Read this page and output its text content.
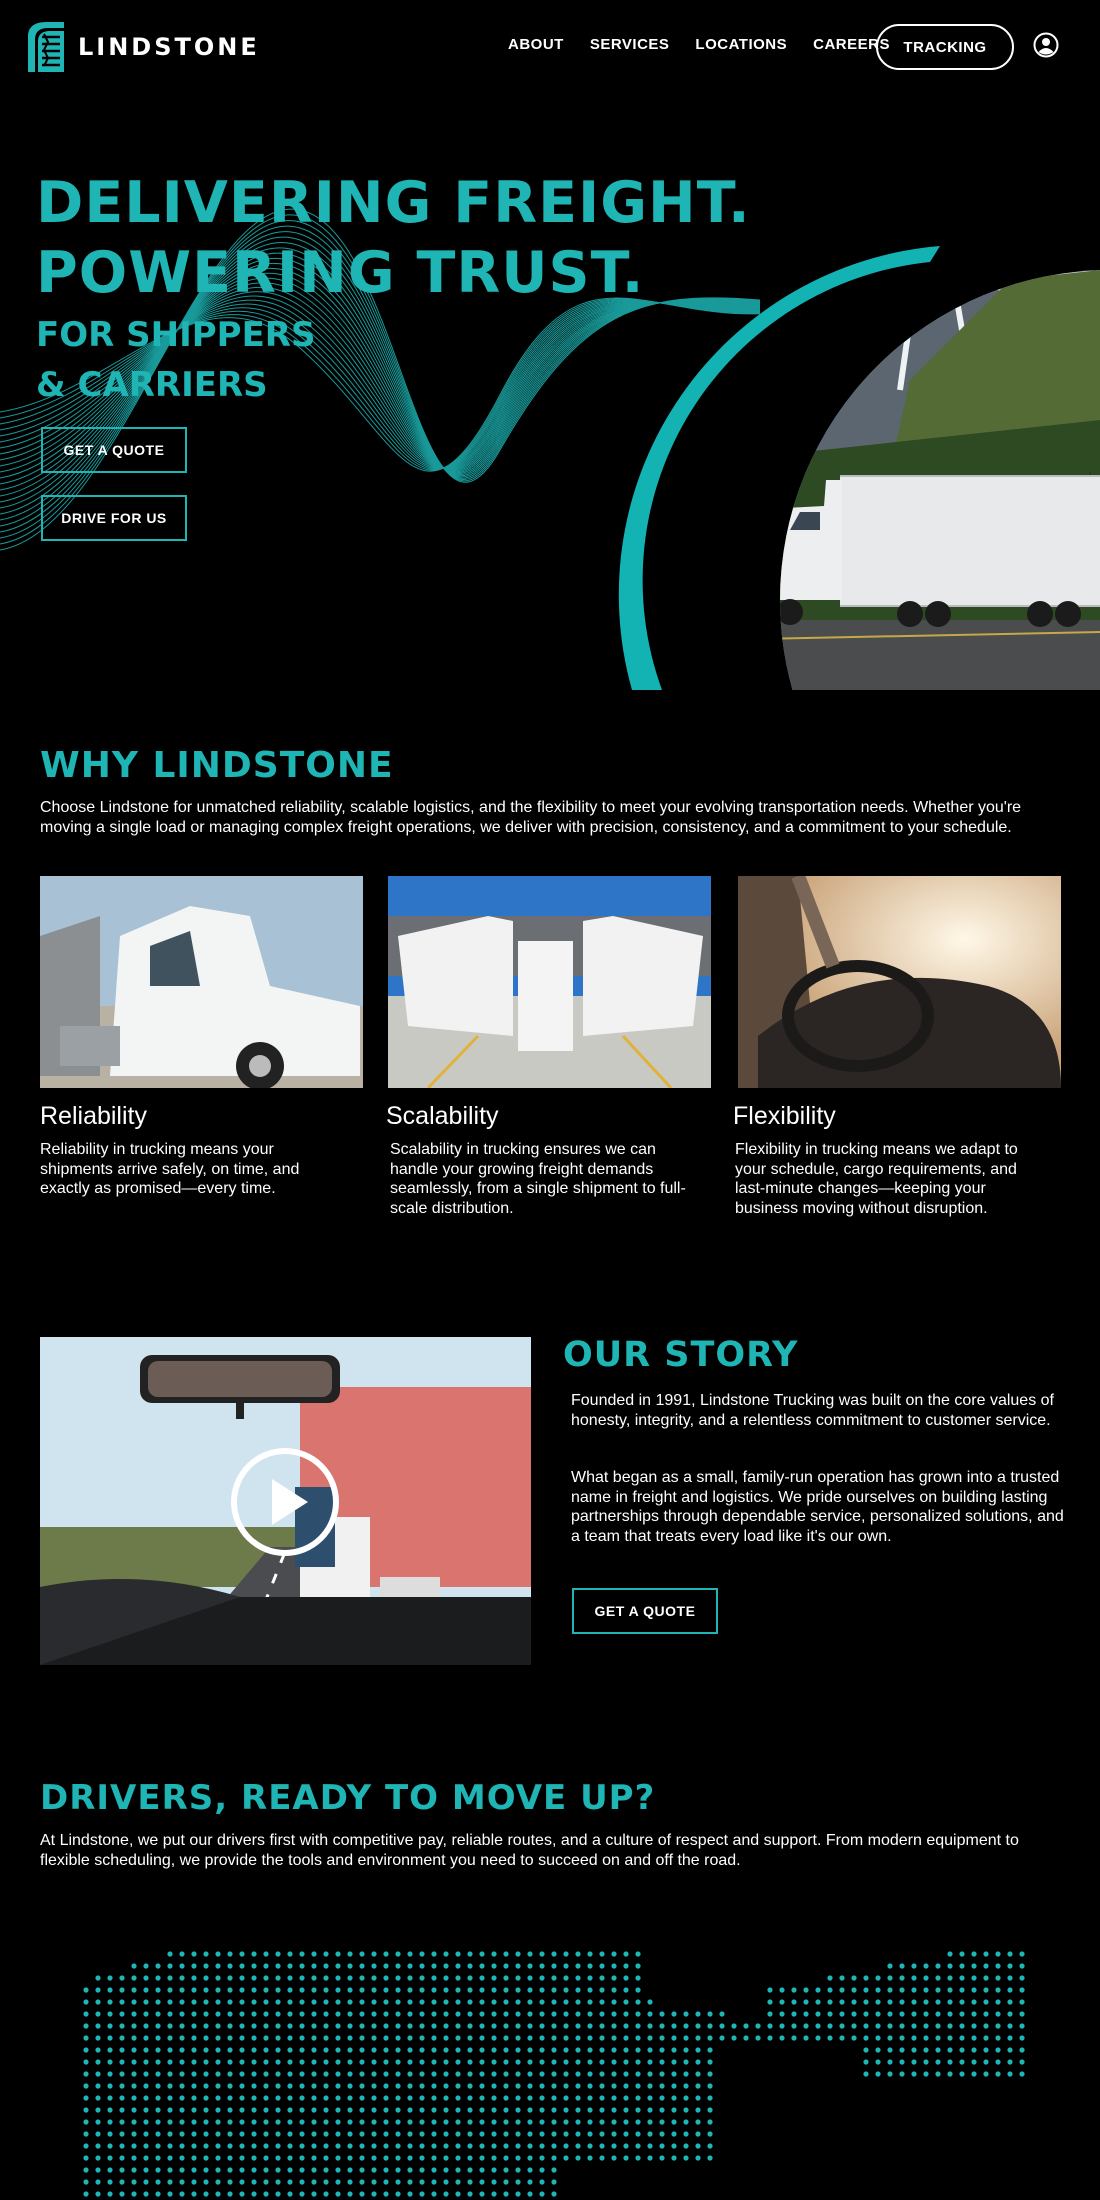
LINDSTONE	ABOUT SERVICES LOCATIONS CAREERS TRACKING
DELIVERING FREIGHT.
POWERING TRUST.
FOR SHIPPERS
& CARRIERS
GET A QUOTE
DRIVE FOR US
WHY LINDSTONE

Choose Lindstone for unmatched reliability, scalable logistics, and the flexibility to meet your evolving transportation needs. Whether you're moving a single load or managing complex freight operations, we deliver with precision, consistency, and a commitment to your schedule.

Reliability	Scalability	Flexibility

Reliability in trucking means your shipments arrive safely, on time, and exactly as promised—every time.

Scalability in trucking ensures we can handle your growing freight demands seamlessly, from a single shipment to full-scale distribution.

Flexibility in trucking means we adapt to your schedule, cargo requirements, and last-minute changes—keeping your business moving without disruption.

OUR STORY

Founded in 1991, Lindstone Trucking was built on the core values of honesty, integrity, and a relentless commitment to customer service.

What began as a small, family-run operation has grown into a trusted name in freight and logistics. We pride ourselves on building lasting partnerships through dependable service, personalized solutions, and a team that treats every load like it's our own.

GET A QUOTE
DRIVERS, READY TO MOVE UP?

At Lindstone, we put our drivers first with competitive pay, reliable routes, and a culture of respect and support. From modern equipment to flexible scheduling, we provide the tools and environment you need to succeed on and off the road.
